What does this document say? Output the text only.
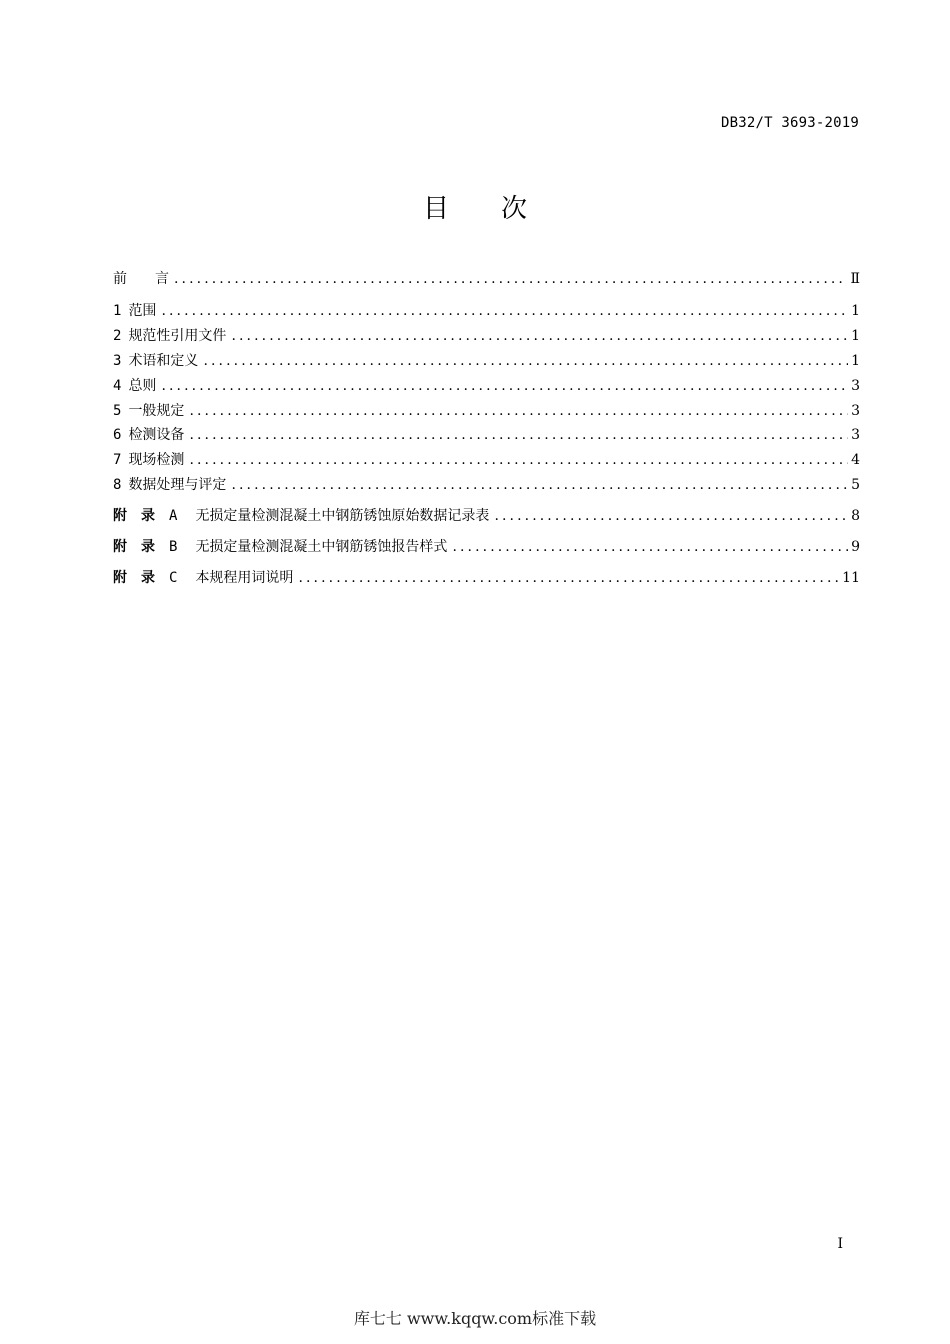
DB32/T 3693-2019
目次
前　　言 .....	Ⅱ
1 范围 .....	1
2 规范性引用文件 .....	1
3 术语和定义 .....	1
4 总则 .....	3
5 一般规定 .....	3
6 检测设备 .....	3
7 现场检测 .....	4
8 数据处理与评定 .....	5
附　录 A 无损定量检测混凝土中钢筋锈蚀原始数据记录表 .....	8
附　录 B 无损定量检测混凝土中钢筋锈蚀报告样式 .....	9
附　录 C 本规程用词说明 .....	11
I
库七七 www.kqqw.com标准下载
